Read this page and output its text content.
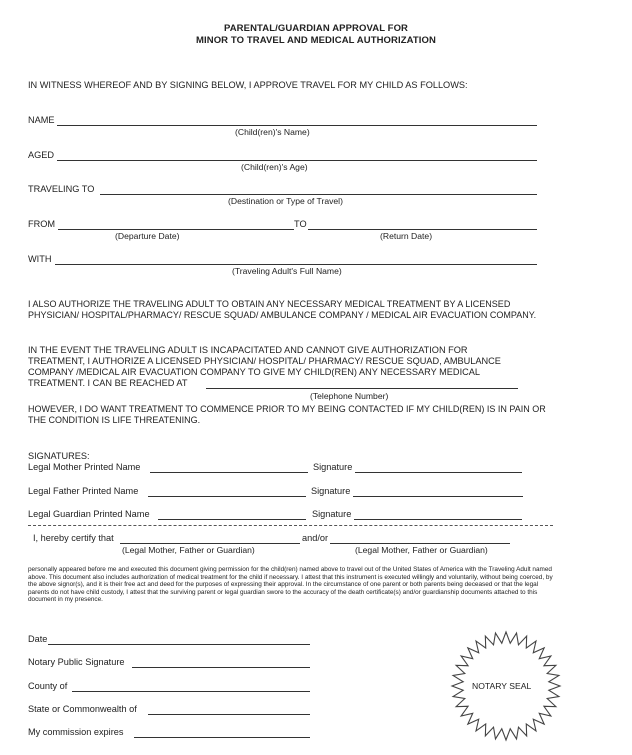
PARENTAL/GUARDIAN APPROVAL FOR
MINOR TO TRAVEL AND MEDICAL AUTHORIZATION
IN WITNESS WHEREOF AND BY SIGNING BELOW, I APPROVE TRAVEL FOR MY CHILD AS FOLLOWS:
NAME
(Child(ren)'s Name)
AGED
(Child(ren)'s Age)
TRAVELING TO
(Destination or Type of Travel)
FROM	TO
(Departure Date)	(Return Date)
WITH
(Traveling Adult's Full Name)
I ALSO AUTHORIZE THE TRAVELING ADULT TO OBTAIN ANY NECESSARY MEDICAL TREATMENT BY A LICENSED PHYSICIAN/ HOSPITAL/PHARMACY/ RESCUE SQUAD/ AMBULANCE COMPANY / MEDICAL AIR EVACUATION COMPANY.
IN THE EVENT THE TRAVELING ADULT IS INCAPACITATED AND CANNOT GIVE AUTHORIZATION FOR
TREATMENT, I AUTHORIZE A LICENSED PHYSICIAN/ HOSPITAL/ PHARMACY/ RESCUE SQUAD, AMBULANCE
COMPANY /MEDICAL AIR EVACUATION COMPANY TO GIVE MY CHILD(REN) ANY NECESSARY MEDICAL
TREATMENT. I CAN BE REACHED AT
(Telephone Number)
HOWEVER, I DO WANT TREATMENT TO COMMENCE PRIOR TO MY BEING CONTACTED IF MY CHILD(REN) IS IN PAIN OR THE CONDITION IS LIFE THREATENING.
SIGNATURES:
Legal Mother Printed Name	Signature
Legal Father Printed Name	Signature
Legal Guardian Printed Name	Signature
I, hereby certify that	and/or
(Legal Mother, Father or Guardian)	(Legal Mother, Father or Guardian)
personally appeared before me and executed this document giving permission for the child(ren) named above to travel out of the United States of America with the Traveling Adult named above. This document also includes authorization of medical treatment for the child if necessary. I attest that this instrument is executed willingly and voluntarily, without being coerced, by the above signor(s), and it is their free act and deed for the purposes of expressing their approval. In the circumstance of one parent or both parents being deceased or that the legal parents do not have child custody, I attest that the surviving parent or legal guardian swore to the accuracy of the death certificate(s) and/or guardianship documents attached to this document in my presence.
Date
Notary Public Signature
County of
State or Commonwealth of
My commission expires
NOTARY SEAL
